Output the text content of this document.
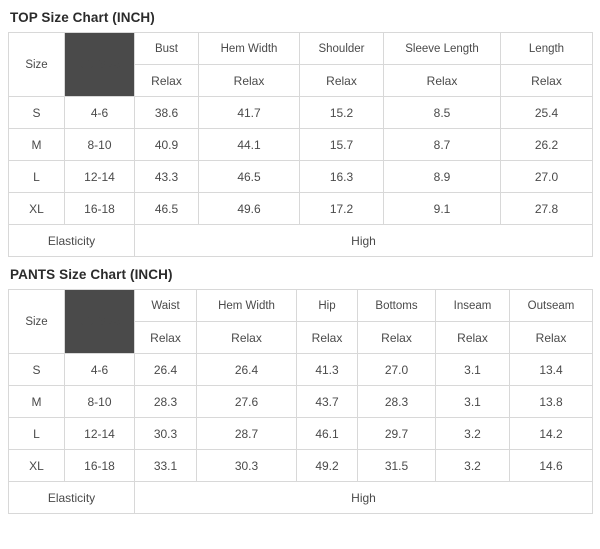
TOP Size Chart (INCH)
Size	US Size	Bust	Hem Width	Shoulder	Sleeve Length	Length
		Relax	Relax	Relax	Relax	Relax
S	4-6	38.6	41.7	15.2	8.5	25.4
M	8-10	40.9	44.1	15.7	8.7	26.2
L	12-14	43.3	46.5	16.3	8.9	27.0
XL	16-18	46.5	49.6	17.2	9.1	27.8
Elasticity		High				
PANTS Size Chart (INCH)
Size	US Size	Waist	Hem Width	Hip	Bottoms	Inseam	Outseam
		Relax	Relax	Relax	Relax	Relax	Relax
S	4-6	26.4	26.4	41.3	27.0	3.1	13.4
M	8-10	28.3	27.6	43.7	28.3	3.1	13.8
L	12-14	30.3	28.7	46.1	29.7	3.2	14.2
XL	16-18	33.1	30.3	49.2	31.5	3.2	14.6
Elasticity		High					
